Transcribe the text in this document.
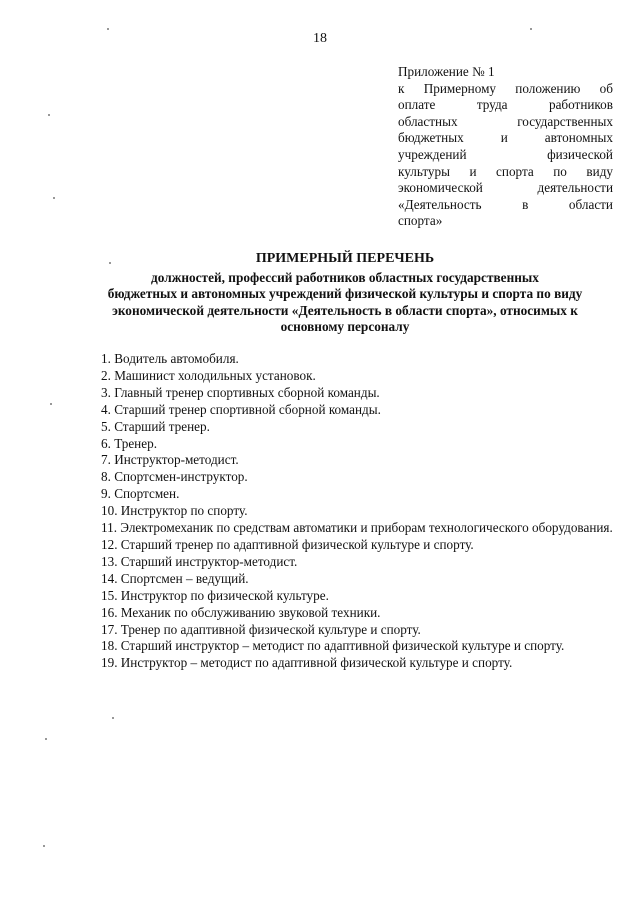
18
Приложение № 1
к Примерному положению об
оплате труда работников
областных государственных
бюджетных и автономных
учреждений физической
культуры и спорта по виду
экономической деятельности
«Деятельность в области
спорта»
ПРИМЕРНЫЙ ПЕРЕЧЕНЬ
должностей, профессий работников областных государственных
бюджетных и автономных учреждений физической культуры и спорта по виду
экономической деятельности «Деятельность в области спорта», относимых к
основному персоналу
1. Водитель автомобиля.
2. Машинист холодильных установок.
3. Главный тренер спортивных сборной команды.
4. Старший тренер спортивной сборной команды.
5. Старший тренер.
6. Тренер.
7. Инструктор-методист.
8. Спортсмен-инструктор.
9. Спортсмен.
10. Инструктор по спорту.
11. Электромеханик по средствам автоматики и приборам технологического оборудования.
12. Старший тренер по адаптивной физической культуре и спорту.
13. Старший инструктор-методист.
14. Спортсмен – ведущий.
15. Инструктор по физической культуре.
16. Механик по обслуживанию звуковой техники.
17. Тренер по адаптивной физической культуре и спорту.
18. Старший инструктор – методист по адаптивной физической культуре и спорту.
19. Инструктор – методист по адаптивной физической культуре и спорту.
